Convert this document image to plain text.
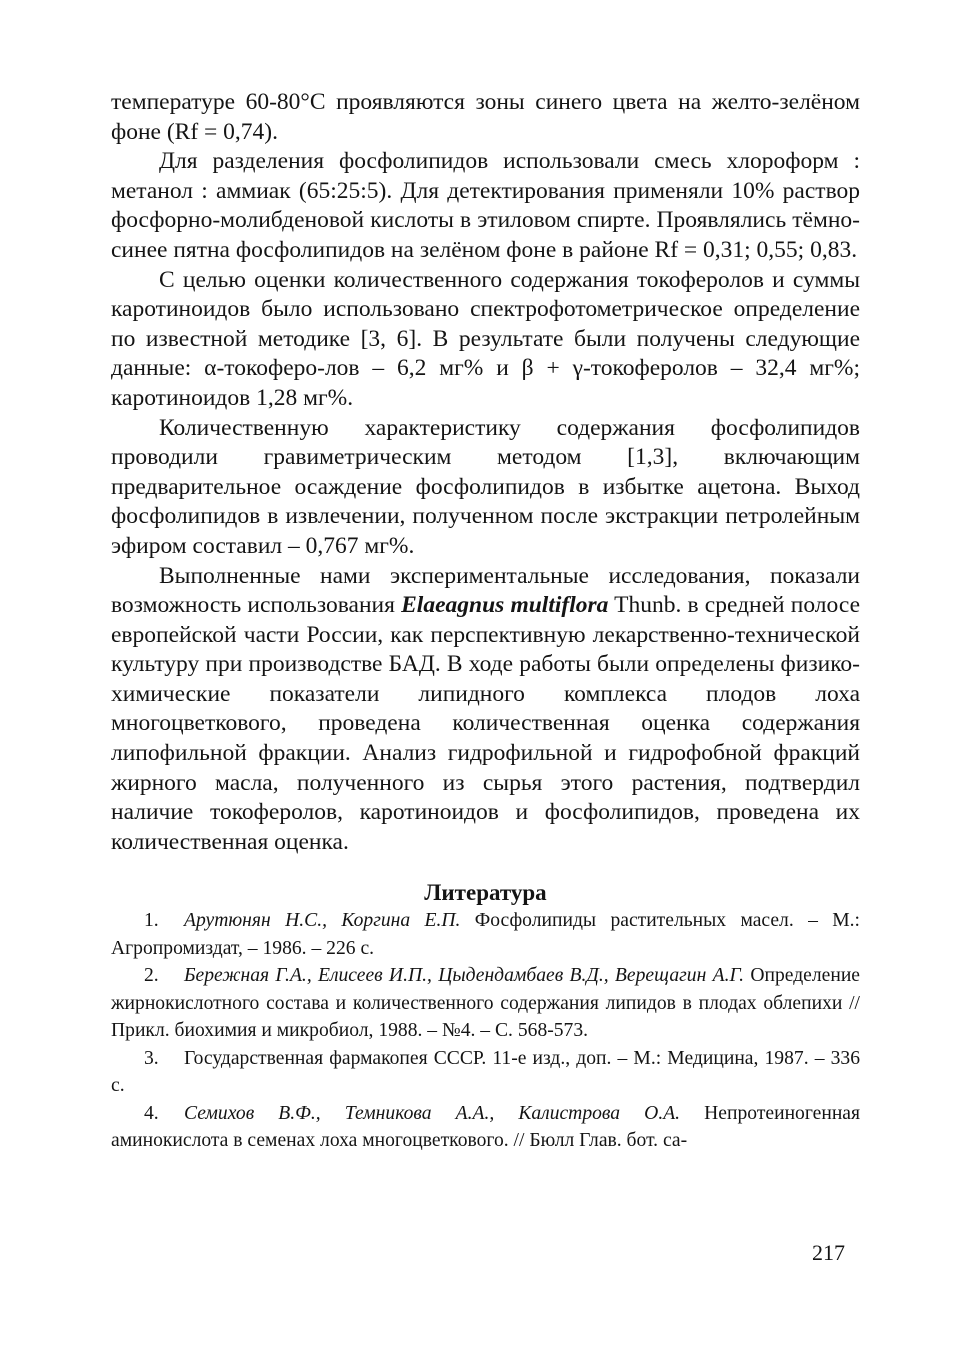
температуре 60-80°С проявляются зоны синего цвета на желто-зелёном фоне (Rf = 0,74).

Для разделения фосфолипидов использовали смесь хлороформ : метанол : аммиак (65:25:5). Для детектирования применяли 10% раствор фосфорно-молибденовой кислоты в этиловом спирте. Проявлялись тёмно-синее пятна фосфолипидов на зелёном фоне в районе Rf = 0,31; 0,55; 0,83.

С целью оценки количественного содержания токоферолов и суммы каротиноидов было использовано спектрофотометрическое определение по известной методике [3, 6]. В результате были получены следующие данные: α-токоферо-лов – 6,2 мг% и β + γ-токоферолов – 32,4 мг%; каротиноидов 1,28 мг%.

Количественную характеристику содержания фосфолипидов проводили гравиметрическим методом [1,3], включающим предварительное осаждение фосфолипидов в избытке ацетона. Выход фосфолипидов в извлечении, полученном после экстракции петролейным эфиром составил – 0,767 мг%.

Выполненные нами экспериментальные исследования, показали возможность использования Elaeagnus multiflora Thunb. в средней полосе европейской части России, как перспективную лекарственно-технической культуру при производстве БАД. В ходе работы были определены физико-химические показатели липидного комплекса плодов лоха многоцветкового, проведена количественная оценка содержания липофильной фракции. Анализ гидрофильной и гидрофобной фракций жирного масла, полученного из сырья этого растения, подтвердил наличие токоферолов, каротиноидов и фосфолипидов, проведена их количественная оценка.

Литература

1. Арутюнян Н.С., Коргина Е.П. Фосфолипиды растительных масел. – М.: Агропромиздат, – 1986. – 226 с.

2. Бережная Г.А., Елисеев И.П., Цыдендамбаев В.Д., Верещагин А.Г. Определение жирнокислотного состава и количественного содержания липидов в плодах облепихи //Прикл. биохимия и микробиол, 1988. – №4. – С. 568-573.

3. Государственная фармакопея СССР. 11-е изд., доп. – М.: Медицина, 1987. – 336 с.

4. Семихов В.Ф., Темникова А.А., Калистрова О.А. Непротеиногенная аминокислота в семенах лоха многоцветкового. // Бюлл Глав. бот. са-

217
